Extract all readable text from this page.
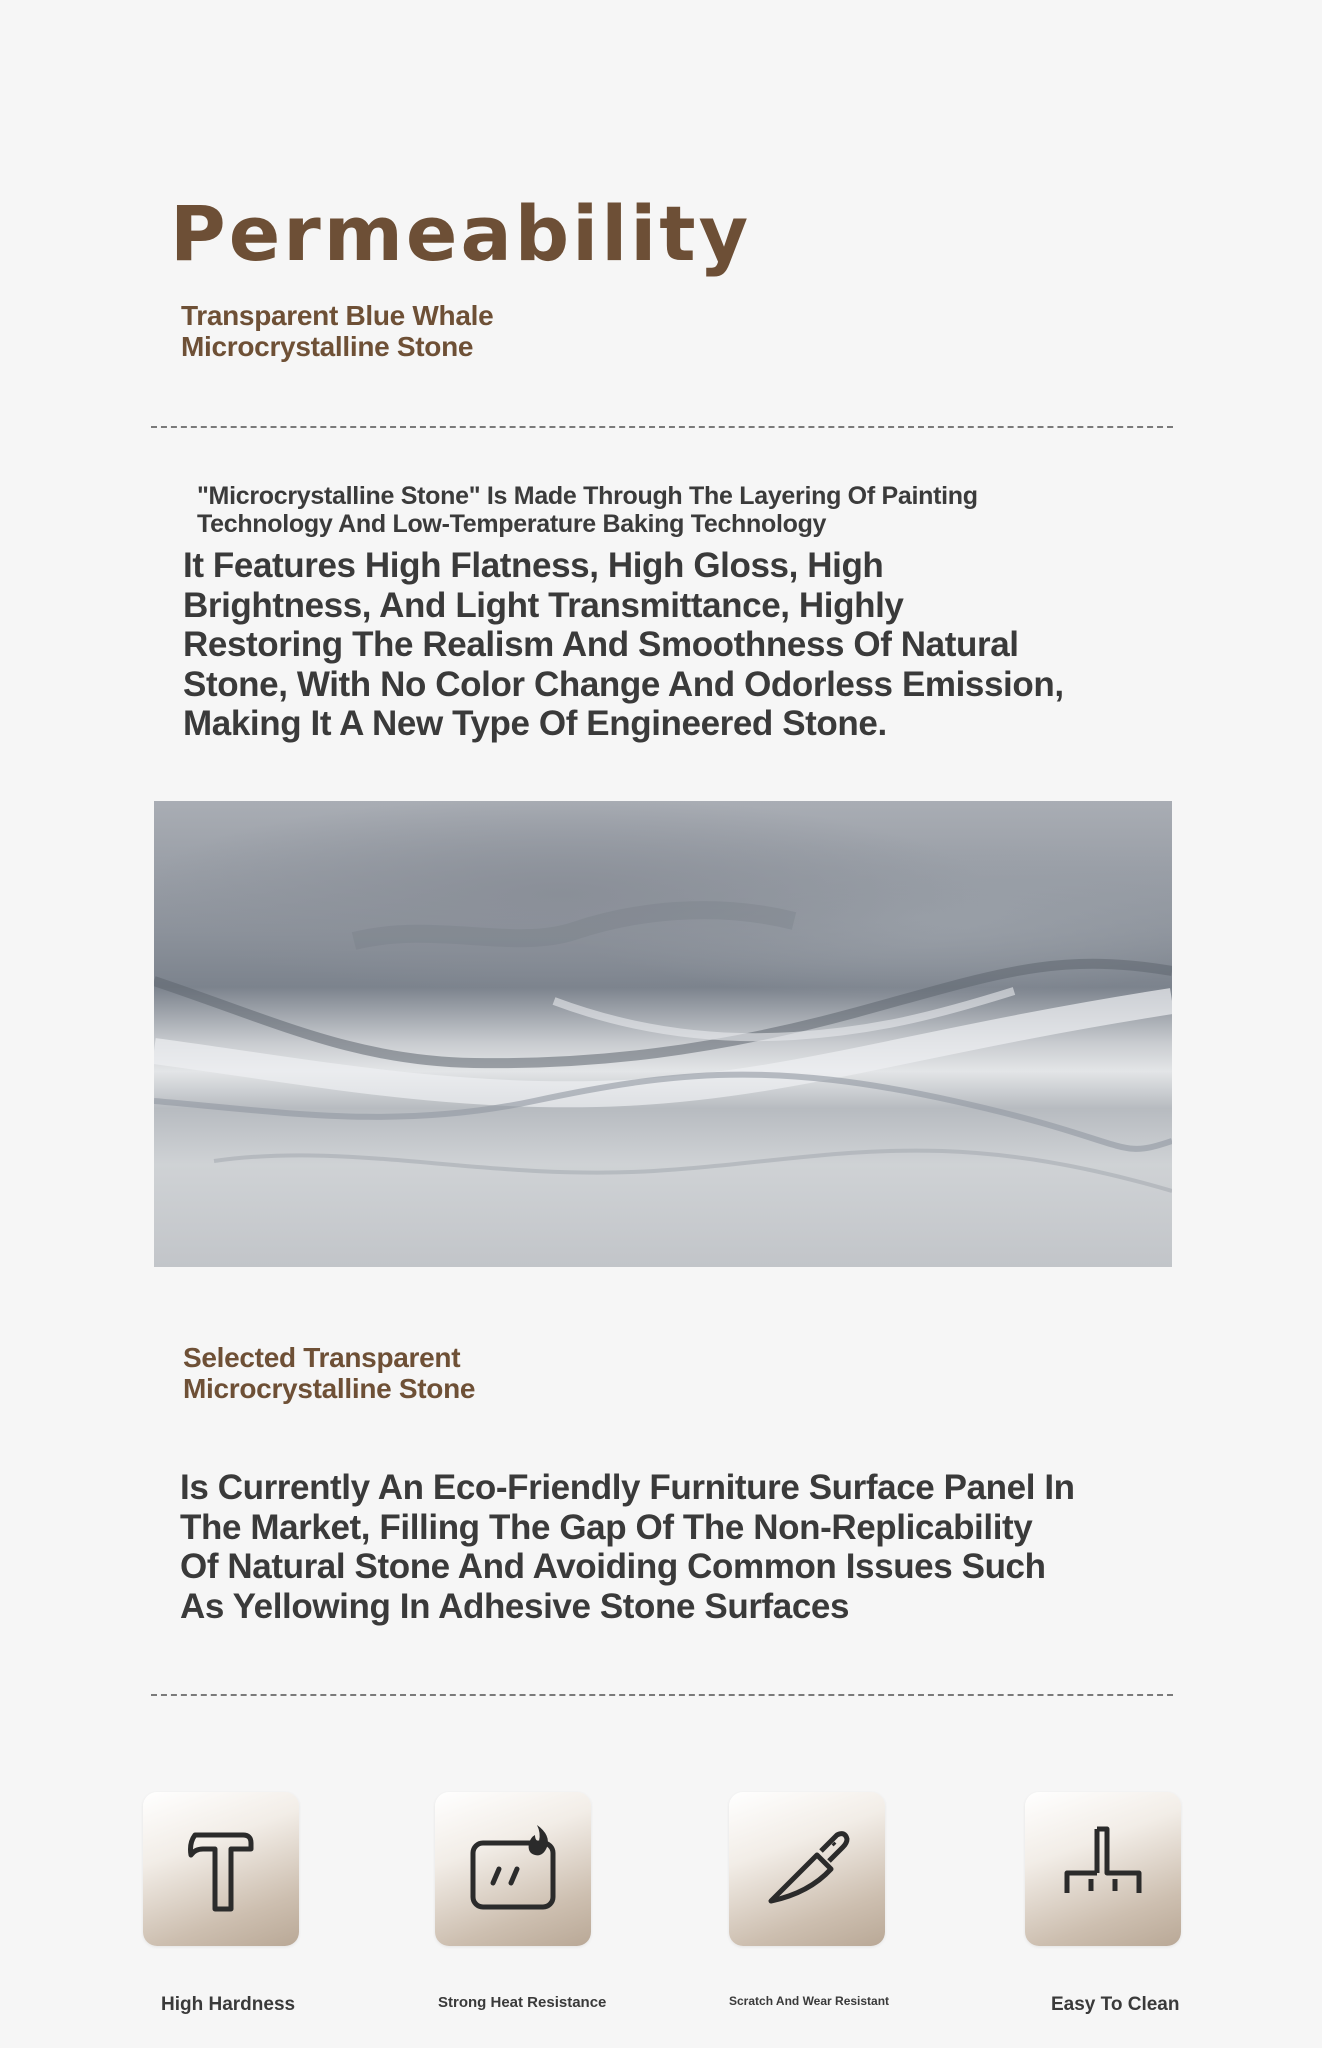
Permeability
Transparent Blue Whale
Microcrystalline Stone
"Microcrystalline Stone" Is Made Through The Layering Of Painting
Technology And Low-Temperature Baking Technology
It Features High Flatness, High Gloss, High
Brightness, And Light Transmittance, Highly
Restoring The Realism And Smoothness Of Natural
Stone, With No Color Change And Odorless Emission,
Making It A New Type Of Engineered Stone.
Selected Transparent
Microcrystalline Stone
Is Currently An Eco-Friendly Furniture Surface Panel In
The Market, Filling The Gap Of The Non-Replicability
Of Natural Stone And Avoiding Common Issues Such
As Yellowing In Adhesive Stone Surfaces
High Hardness	Strong Heat Resistance	Scratch And Wear Resistant	Easy To Clean
